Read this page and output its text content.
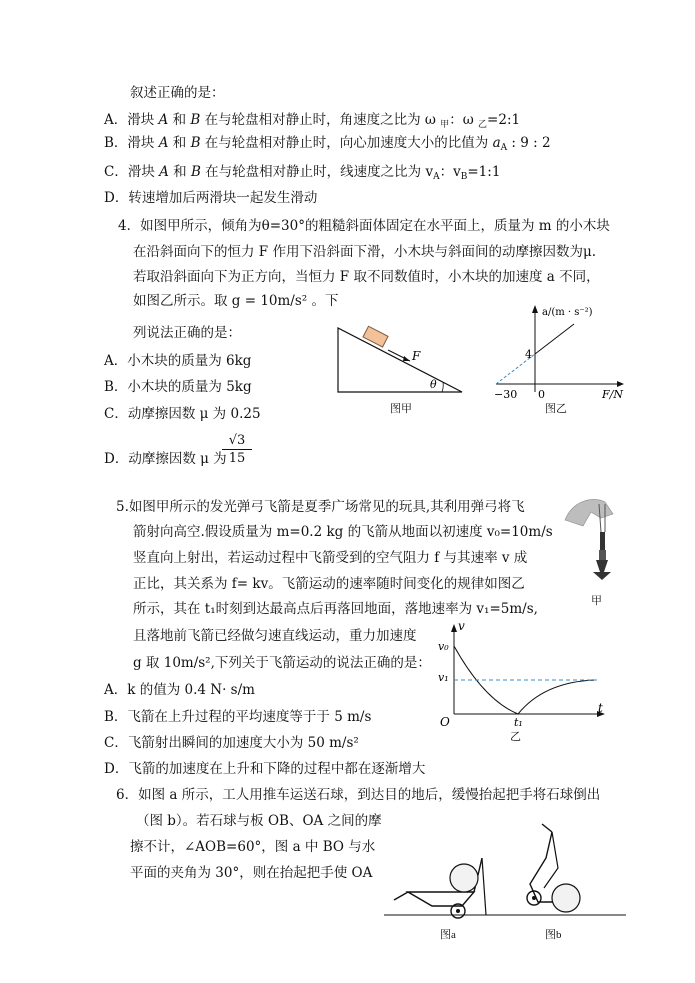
叙述正确的是：
A．滑块 A 和 B 在与轮盘相对静止时，角速度之比为 ω $_甲$：ω $_乙$=2:1
B．滑块 A 和 B 在与轮盘相对静止时，向心加速度大小的比值为 $a_A$ : 9 : 2
C．滑块 A 和 B 在与轮盘相对静止时，线速度之比为 $v_A$：$v_B=1:1$
D．转速增加后两滑块一起发生滑动
4．如图甲所示，倾角为θ=30°的粗糙斜面体固定在水平面上，质量为 m 的小木块
在沿斜面向下的恒力 F 作用下沿斜面下滑，小木块与斜面间的动摩擦因数为μ.
若取沿斜面向下为正方向，当恒力 F 取不同数值时，小木块的加速度 a 不同，
如图乙所示。取 g = 10m/s² 。下
列说法正确的是：
A．小木块的质量为 6kg
B．小木块的质量为 5kg
C．动摩擦因数 μ 为 0.25
D．动摩擦因数 μ 为
$\frac{√3}{15}$
F
θ
图甲
a/(m · s⁻²)
F/N
4
−30 0
图乙
5.如图甲所示的发光弹弓飞箭是夏季广场常见的玩具,其利用弹弓将飞
箭射向高空.假设质量为 m=0.2 kg 的飞箭从地面以初速度 v₀=10m/s
竖直向上射出，若运动过程中飞箭受到的空气阻力 f 与其速率 v 成
正比，其关系为 f= kv。飞箭运动的速率随时间变化的规律如图乙
所示，其在 t₁时刻到达最高点后再落回地面，落地速率为 v₁=5m/s,
且落地前飞箭已经做匀速直线运动，重力加速度
g 取 10m/s²,下列关于飞箭运动的说法正确的是：
A．k 的值为 0.4 N· s/m
B．飞箭在上升过程的平均速度等于于 5 m/s
C．飞箭射出瞬间的加速度大小为 50 m/s²
D．飞箭的加速度在上升和下降的过程中都在逐渐增大
甲
v
t
v₀
v₁
t₁
O
乙
6．如图 a 所示，工人用推车运送石球，到达目的地后，缓慢抬起把手将石球倒出
（图 b）。若石球与板 OB、OA 之间的摩
擦不计，∠AOB=60°，图 a 中 BO 与水
平面的夹角为 30°，则在抬起把手使 OA
图a	图b
